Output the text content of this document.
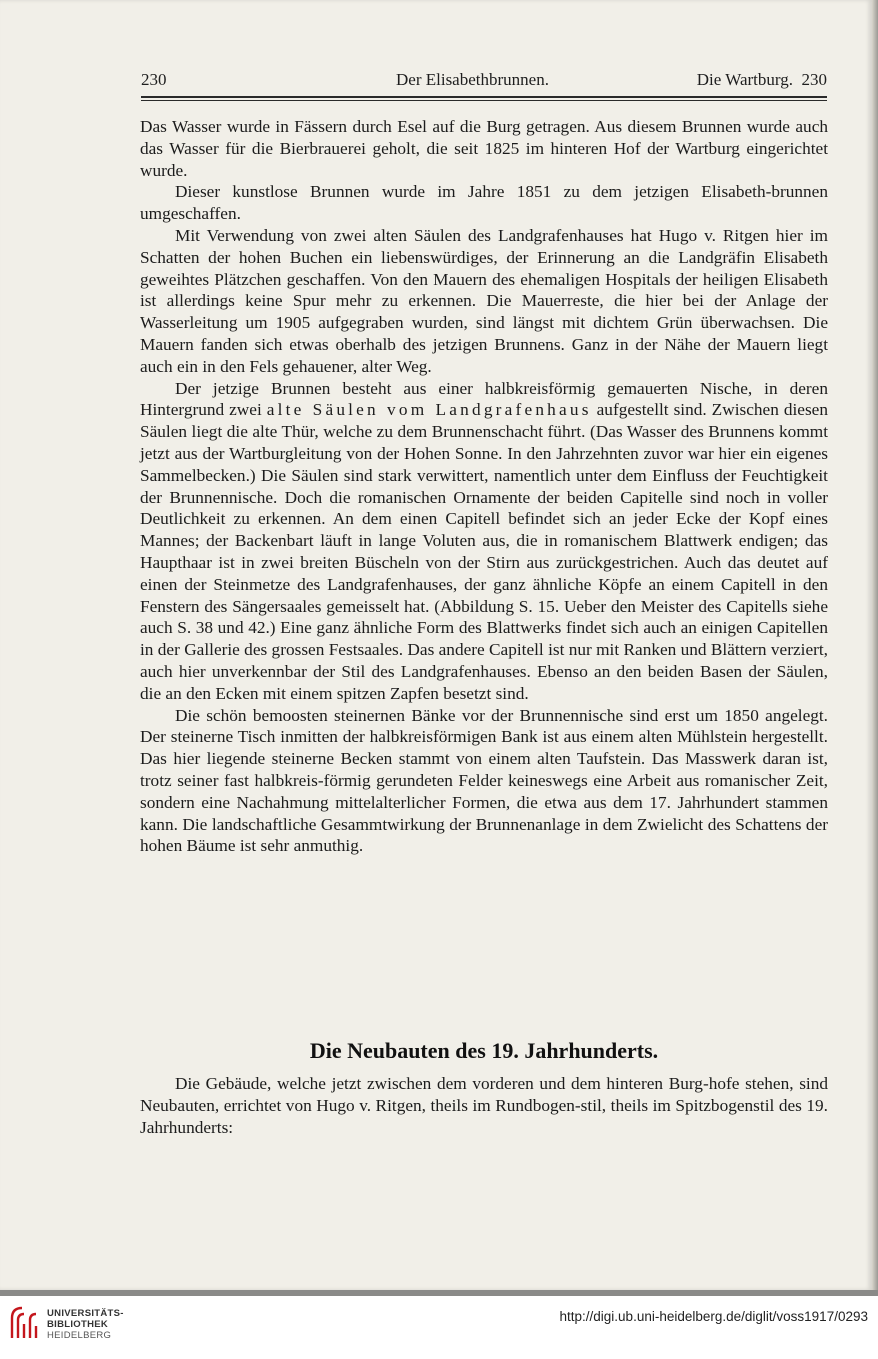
230	Der Elisabethbrunnen.	Die Wartburg. 230

Das Wasser wurde in Fässern durch Esel auf die Burg getragen. Aus diesem Brunnen wurde auch das Wasser für die Bierbrauerei geholt, die seit 1825 im hinteren Hof der Wartburg eingerichtet wurde.

Dieser kunstlose Brunnen wurde im Jahre 1851 zu dem jetzigen Elisabeth-brunnen umgeschaffen.

Mit Verwendung von zwei alten Säulen des Landgrafenhauses hat Hugo v. Ritgen hier im Schatten der hohen Buchen ein liebenswürdiges, der Erinnerung an die Landgräfin Elisabeth geweihtes Plätzchen geschaffen. Von den Mauern des ehemaligen Hospitals der heiligen Elisabeth ist allerdings keine Spur mehr zu erkennen. Die Mauerreste, die hier bei der Anlage der Wasserleitung um 1905 aufgegraben wurden, sind längst mit dichtem Grün überwachsen. Die Mauern fanden sich etwas oberhalb des jetzigen Brunnens. Ganz in der Nähe der Mauern liegt auch ein in den Fels gehauener, alter Weg.

Der jetzige Brunnen besteht aus einer halbkreisförmig gemauerten Nische, in deren Hintergrund zwei alte Säulen vom Landgrafenhaus aufgestellt sind. Zwischen diesen Säulen liegt die alte Thür, welche zu dem Brunnenschacht führt. (Das Wasser des Brunnens kommt jetzt aus der Wartburgleitung von der Hohen Sonne. In den Jahrzehnten zuvor war hier ein eigenes Sammelbecken.) Die Säulen sind stark verwittert, namentlich unter dem Einfluss der Feuchtigkeit der Brunnennische. Doch die romanischen Ornamente der beiden Capitelle sind noch in voller Deutlichkeit zu erkennen. An dem einen Capitell befindet sich an jeder Ecke der Kopf eines Mannes; der Backenbart läuft in lange Voluten aus, die in romanischem Blattwerk endigen; das Haupthaar ist in zwei breiten Büscheln von der Stirn aus zurückgestrichen. Auch das deutet auf einen der Steinmetze des Landgrafenhauses, der ganz ähnliche Köpfe an einem Capitell in den Fenstern des Sängersaales gemeisselt hat. (Abbildung S. 15. Ueber den Meister des Capitells siehe auch S. 38 und 42.) Eine ganz ähnliche Form des Blattwerks findet sich auch an einigen Capitellen in der Gallerie des grossen Festsaales. Das andere Capitell ist nur mit Ranken und Blättern verziert, auch hier unverkennbar der Stil des Landgrafenhauses. Ebenso an den beiden Basen der Säulen, die an den Ecken mit einem spitzen Zapfen besetzt sind.

Die schön bemoosten steinernen Bänke vor der Brunnennische sind erst um 1850 angelegt. Der steinerne Tisch inmitten der halbkreisförmigen Bank ist aus einem alten Mühlstein hergestellt. Das hier liegende steinerne Becken stammt von einem alten Taufstein. Das Masswerk daran ist, trotz seiner fast halbkreis-förmig gerundeten Felder keineswegs eine Arbeit aus romanischer Zeit, sondern eine Nachahmung mittelalterlicher Formen, die etwa aus dem 17. Jahrhundert stammen kann. Die landschaftliche Gesammtwirkung der Brunnenanlage in dem Zwielicht des Schattens der hohen Bäume ist sehr anmuthig.

Die Neubauten des 19. Jahrhunderts.

Die Gebäude, welche jetzt zwischen dem vorderen und dem hinteren Burg-hofe stehen, sind Neubauten, errichtet von Hugo v. Ritgen, theils im Rundbogen-stil, theils im Spitzbogenstil des 19. Jahrhunderts:

UNIVERSITÄTS-
BIBLIOTHEK
HEIDELBERG
http://digi.ub.uni-heidelberg.de/diglit/voss1917/0293
